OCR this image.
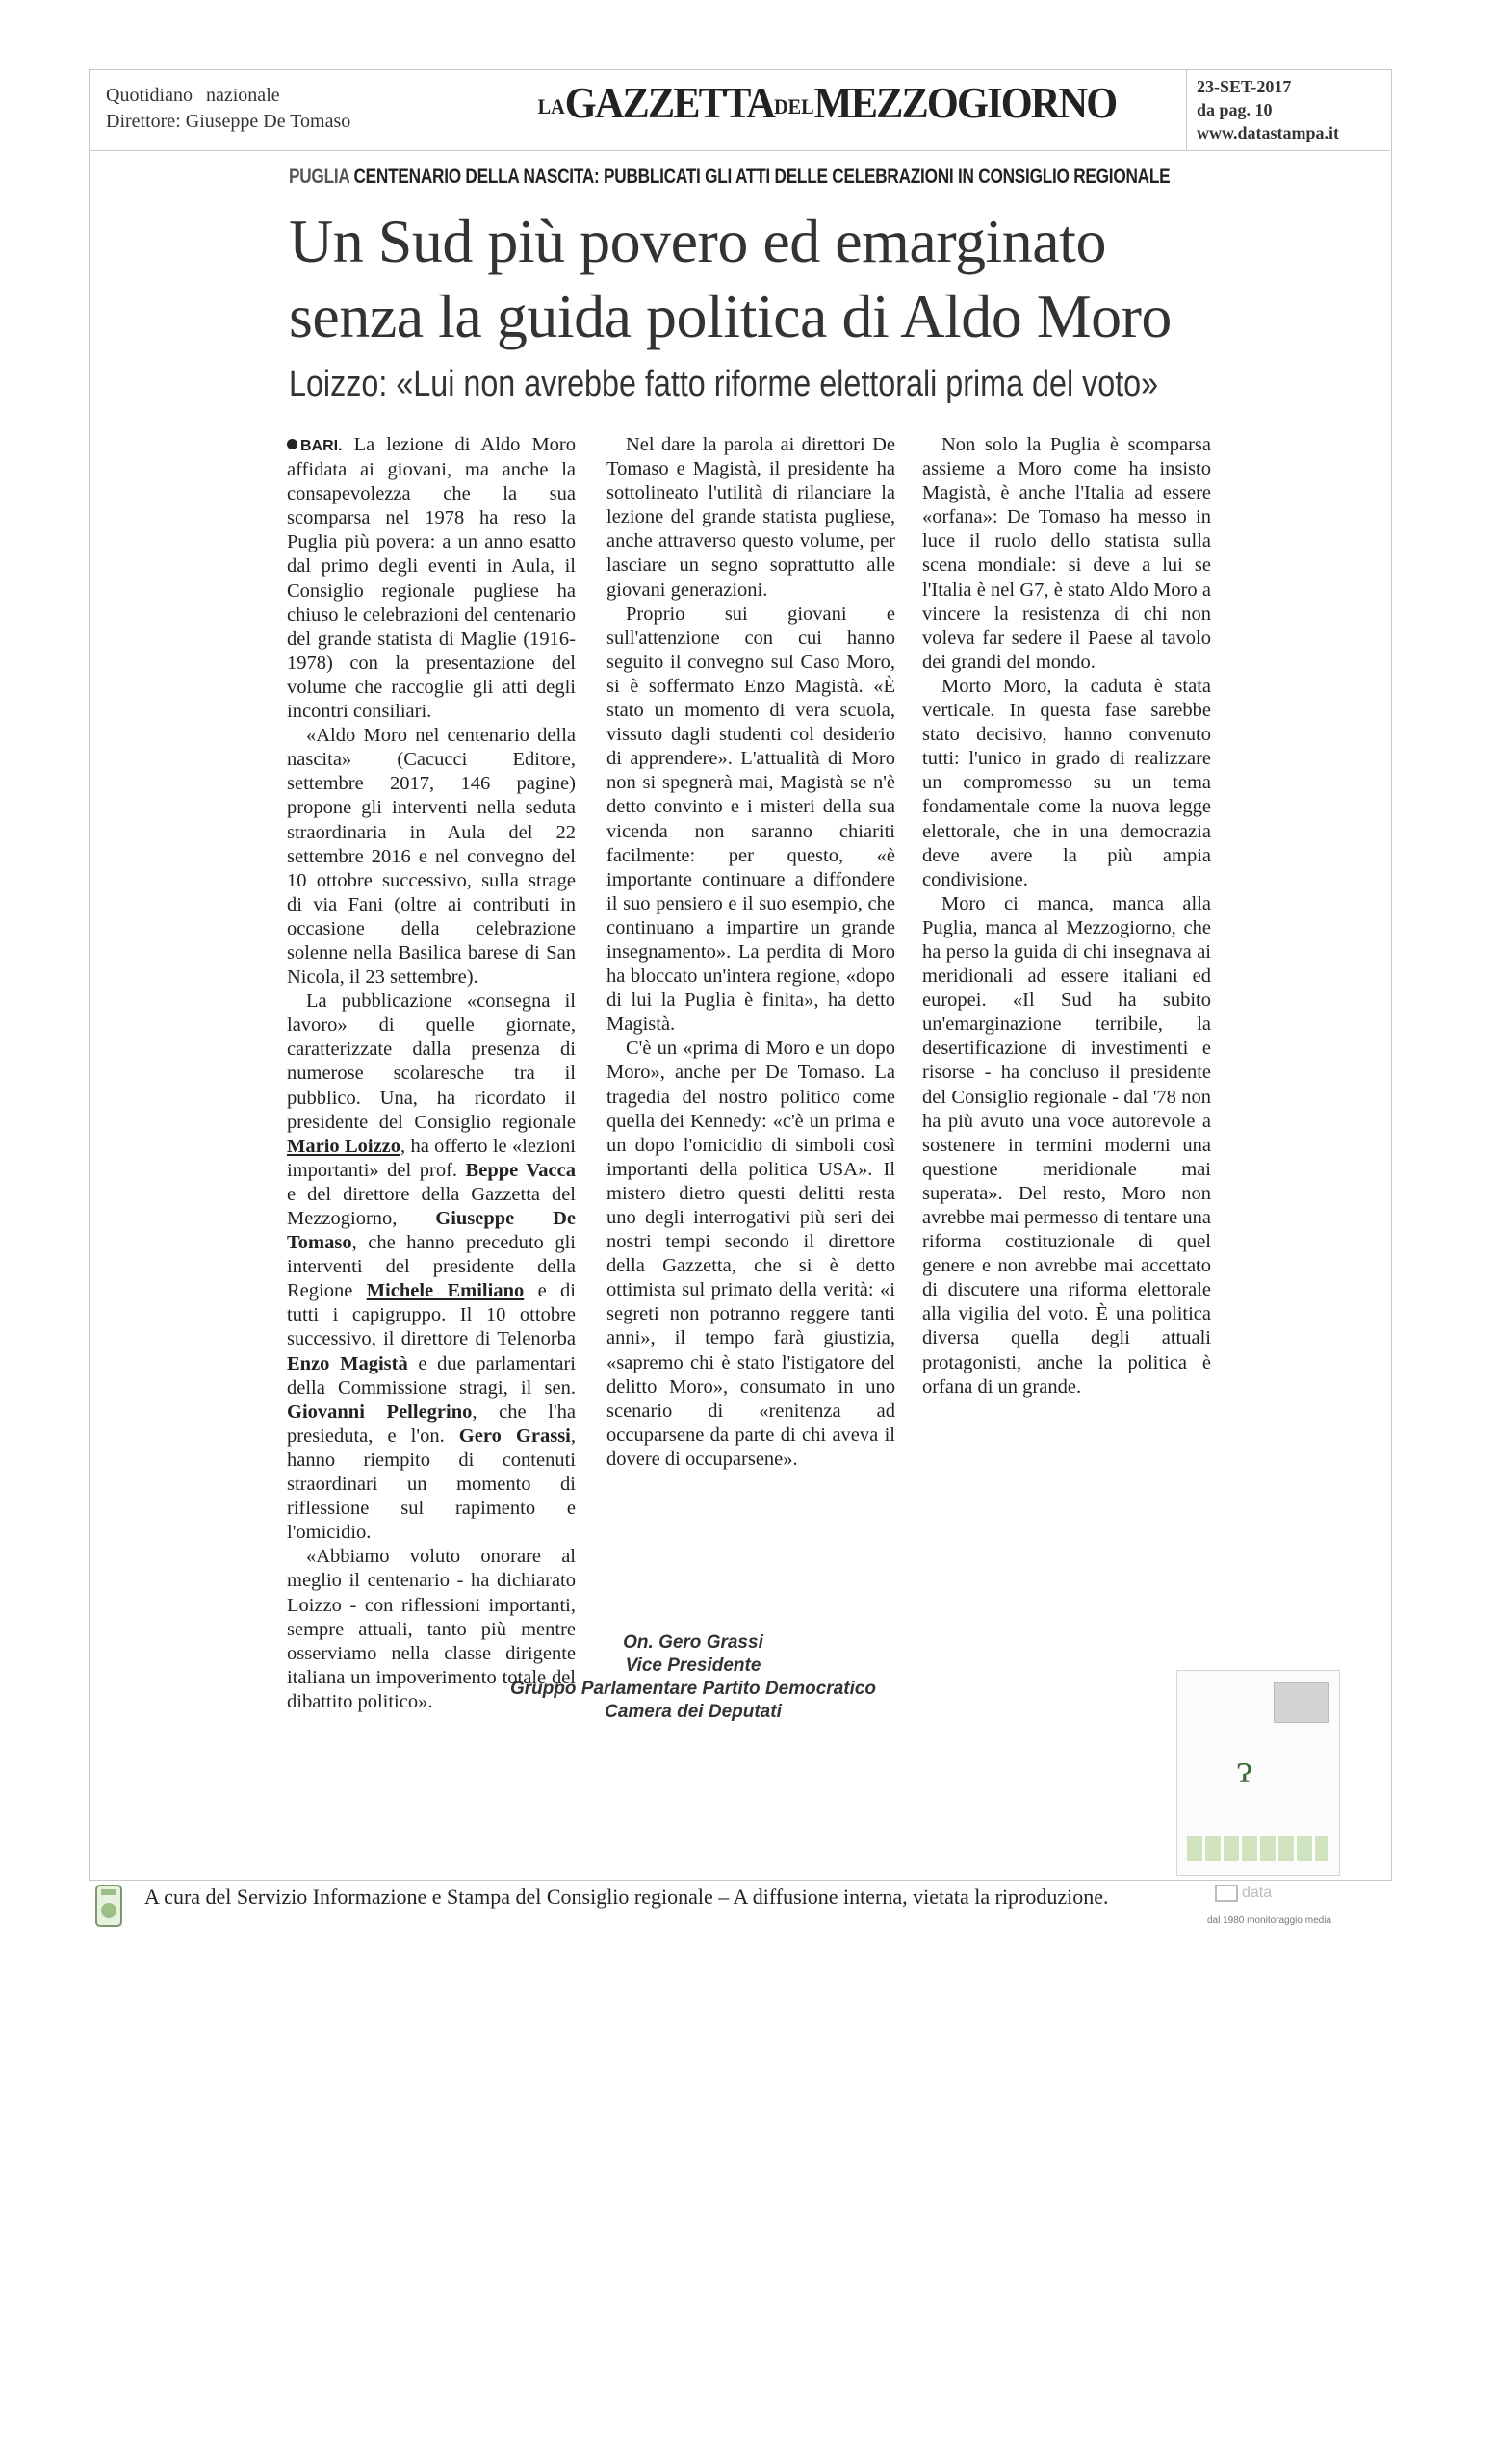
Quotidiano nazionale
Direttore: Giuseppe De Tomaso
LAGAZZETTADELMEZZOGIORNO	23-SET-2017
da pag. 10
www.datastampa.it
PUGLIA CENTENARIO DELLA NASCITA: PUBBLICATI GLI ATTI DELLE CELEBRAZIONI IN CONSIGLIO REGIONALE
Un Sud più povero ed emarginato
senza la guida politica di Aldo Moro
Loizzo: «Lui non avrebbe fatto riforme elettorali prima del voto»

BARI. La lezione di Aldo Moro affidata ai giovani, ma anche la consapevolezza che la sua scomparsa nel 1978 ha reso la Puglia più povera: a un anno esatto dal primo degli eventi in Aula, il Consiglio regionale pugliese ha chiuso le celebrazioni del centenario del grande statista di Maglie (1916-1978) con la presentazione del volume che raccoglie gli atti degli incontri consiliari.

«Aldo Moro nel centenario della nascita» (Cacucci Editore, settembre 2017, 146 pagine) propone gli interventi nella seduta straordinaria in Aula del 22 settembre 2016 e nel convegno del 10 ottobre successivo, sulla strage di via Fani (oltre ai contributi in occasione della celebrazione solenne nella Basilica barese di San Nicola, il 23 settembre).

La pubblicazione «consegna il lavoro» di quelle giornate, caratterizzate dalla presenza di numerose scolaresche tra il pubblico. Una, ha ricordato il presidente del Consiglio regionale Mario Loizzo, ha offerto le «lezioni importanti» del prof. Beppe Vacca e del direttore della Gazzetta del Mezzogiorno, Giuseppe De Tomaso, che hanno preceduto gli interventi del presidente della Regione Michele Emiliano e di tutti i capigruppo. Il 10 ottobre successivo, il direttore di Telenorba Enzo Magistà e due parlamentari della Commissione stragi, il sen. Giovanni Pellegrino, che l'ha presieduta, e l'on. Gero Grassi, hanno riempito di contenuti straordinari un momento di riflessione sul rapimento e l'omicidio.

«Abbiamo voluto onorare al meglio il centenario - ha dichiarato Loizzo - con riflessioni importanti, sempre attuali, tanto più mentre osserviamo nella classe dirigente italiana un impoverimento totale del dibattito politico».

Nel dare la parola ai direttori De Tomaso e Magistà, il presidente ha sottolineato l'utilità di rilanciare la lezione del grande statista pugliese, anche attraverso questo volume, per lasciare un segno soprattutto alle giovani generazioni.

Proprio sui giovani e sull'attenzione con cui hanno seguito il convegno sul Caso Moro, si è soffermato Enzo Magistà. «È stato un momento di vera scuola, vissuto dagli studenti col desiderio di apprendere». L'attualità di Moro non si spegnerà mai, Magistà se n'è detto convinto e i misteri della sua vicenda non saranno chiariti facilmente: per questo, «è importante continuare a diffondere il suo pensiero e il suo esempio, che continuano a impartire un grande insegnamento». La perdita di Moro ha bloccato un'intera regione, «dopo di lui la Puglia è finita», ha detto Magistà.

C'è un «prima di Moro e un dopo Moro», anche per De Tomaso. La tragedia del nostro politico come quella dei Kennedy: «c'è un prima e un dopo l'omicidio di simboli così importanti della politica USA». Il mistero dietro questi delitti resta uno degli interrogativi più seri dei nostri tempi secondo il direttore della Gazzetta, che si è detto ottimista sul primato della verità: «i segreti non potranno reggere tanti anni», il tempo farà giustizia, «sapremo chi è stato l'istigatore del delitto Moro», consumato in uno scenario di «renitenza ad occuparsene da parte di chi aveva il dovere di occuparsene».

Non solo la Puglia è scomparsa assieme a Moro come ha insisto Magistà, è anche l'Italia ad essere «orfana»: De Tomaso ha messo in luce il ruolo dello statista sulla scena mondiale: si deve a lui se l'Italia è nel G7, è stato Aldo Moro a vincere la resistenza di chi non voleva far sedere il Paese al tavolo dei grandi del mondo.

Morto Moro, la caduta è stata verticale. In questa fase sarebbe stato decisivo, hanno convenuto tutti: l'unico in grado di realizzare un compromesso su un tema fondamentale come la nuova legge elettorale, che in una democrazia deve avere la più ampia condivisione.

Moro ci manca, manca alla Puglia, manca al Mezzogiorno, che ha perso la guida di chi insegnava ai meridionali ad essere italiani ed europei. «Il Sud ha subito un'emarginazione terribile, la desertificazione di investimenti e risorse - ha concluso il presidente del Consiglio regionale - dal '78 non ha più avuto una voce autorevole a sostenere in termini moderni una questione meridionale mai superata». Del resto, Moro non avrebbe mai permesso di tentare una riforma costituzionale di quel genere e non avrebbe mai accettato di discutere una riforma elettorale alla vigilia del voto. È una politica diversa quella degli attuali protagonisti, anche la politica è orfana di un grande.

On. Gero Grassi
Vice Presidente
Gruppo Parlamentare Partito Democratico
Camera dei Deputati
ɂ
A cura del Servizio Informazione e Stampa del Consiglio regionale – A diffusione interna, vietata la riproduzione.	data
dal 1980 monitoraggio media
